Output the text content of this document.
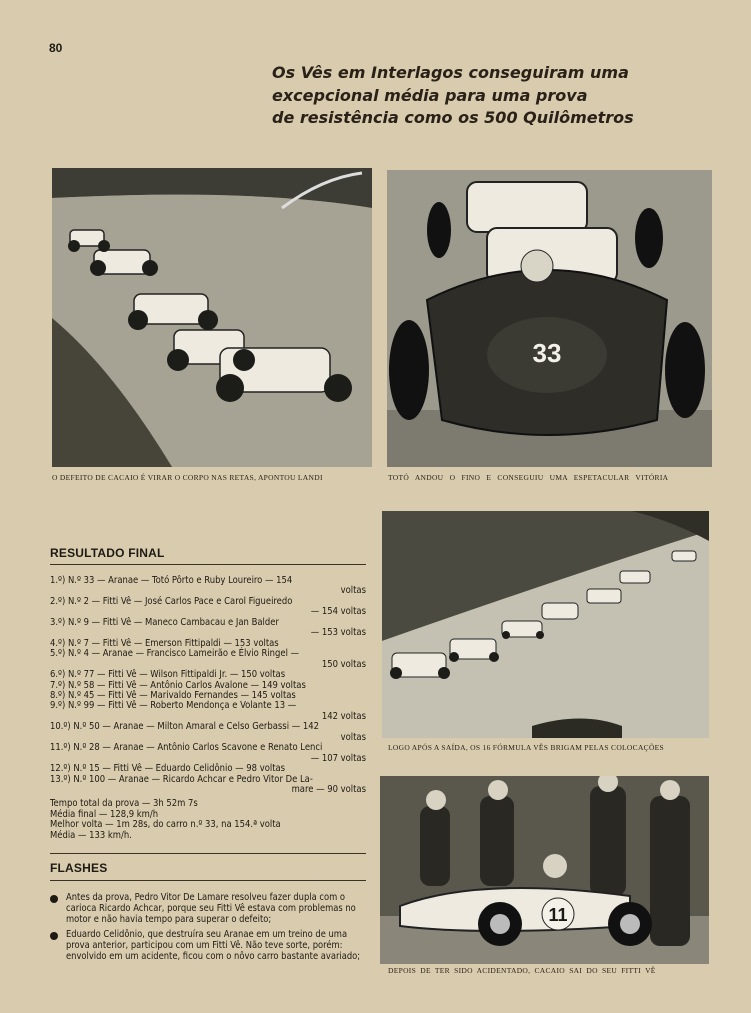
80
Os Vês em Interlagos conseguiram uma
excepcional média para uma prova
de resistência como os 500 Quilômetros
O DEFEITO DE CACAIO É VIRAR O CORPO NAS RETAS, APONTOU LANDI
33
TOTÓ ANDOU O FINO E CONSEGUIU UMA ESPETACULAR VITÓRIA
LOGO APÓS A SAÍDA, OS 16 FÓRMULA VÊS BRIGAM PELAS COLOCAÇÕES
11
DEPOIS DE TER SIDO ACIDENTADO, CACAIO SAI DO SEU FITTI VÊ
RESULTADO FINAL
1.º) N.º 33 — Aranae — Totó Pôrto e Ruby Loureiro — 154
voltas
2.º) N.º 2 — Fitti Vê — José Carlos Pace e Carol Figueiredo
— 154 voltas
3.º) N.º 9 — Fitti Vê — Maneco Cambacau e Jan Balder
— 153 voltas
4.º) N.º 7 — Fitti Vê — Emerson Fittipaldi — 153 voltas
5.º) N.º 4 — Aranae — Francisco Lameirão e Élvio Ringel —
150 voltas
6.º) N.º 77 — Fitti Vê — Wilson Fittipaldi Jr. — 150 voltas
7.º) N.º 58 — Fitti Vê — Antônio Carlos Avalone — 149 voltas
8.º) N.º 45 — Fitti Vê — Marivaldo Fernandes — 145 voltas
9.º) N.º 99 — Fitti Vê — Roberto Mendonça e Volante 13 —
142 voltas
10.º) N.º 50 — Aranae — Milton Amaral e Celso Gerbassi — 142
voltas
11.º) N.º 28 — Aranae — Antônio Carlos Scavone e Renato Lenci
— 107 voltas
12.º) N.º 15 — Fitti Vê — Eduardo Celidônio — 98 voltas
13.º) N.º 100 — Aranae — Ricardo Achcar e Pedro Vitor De La-
mare — 90 voltas
Tempo total da prova — 3h 52m 7s
Média final — 128,9 km/h
Melhor volta — 1m 28s, do carro n.º 33, na 154.ª volta
Média — 133 km/h.
FLASHES
Antes da prova, Pedro Vitor De Lamare resolveu fazer dupla com o carioca Ricardo Achcar, porque seu Fitti Vê estava com problemas no motor e não havia tempo para superar o defeito;
Eduardo Celidônio, que destruíra seu Aranae em um treino de uma prova anterior, participou com um Fitti Vê. Não teve sorte, porém: envolvido em um acidente, ficou com o nôvo carro bastante avariado;
